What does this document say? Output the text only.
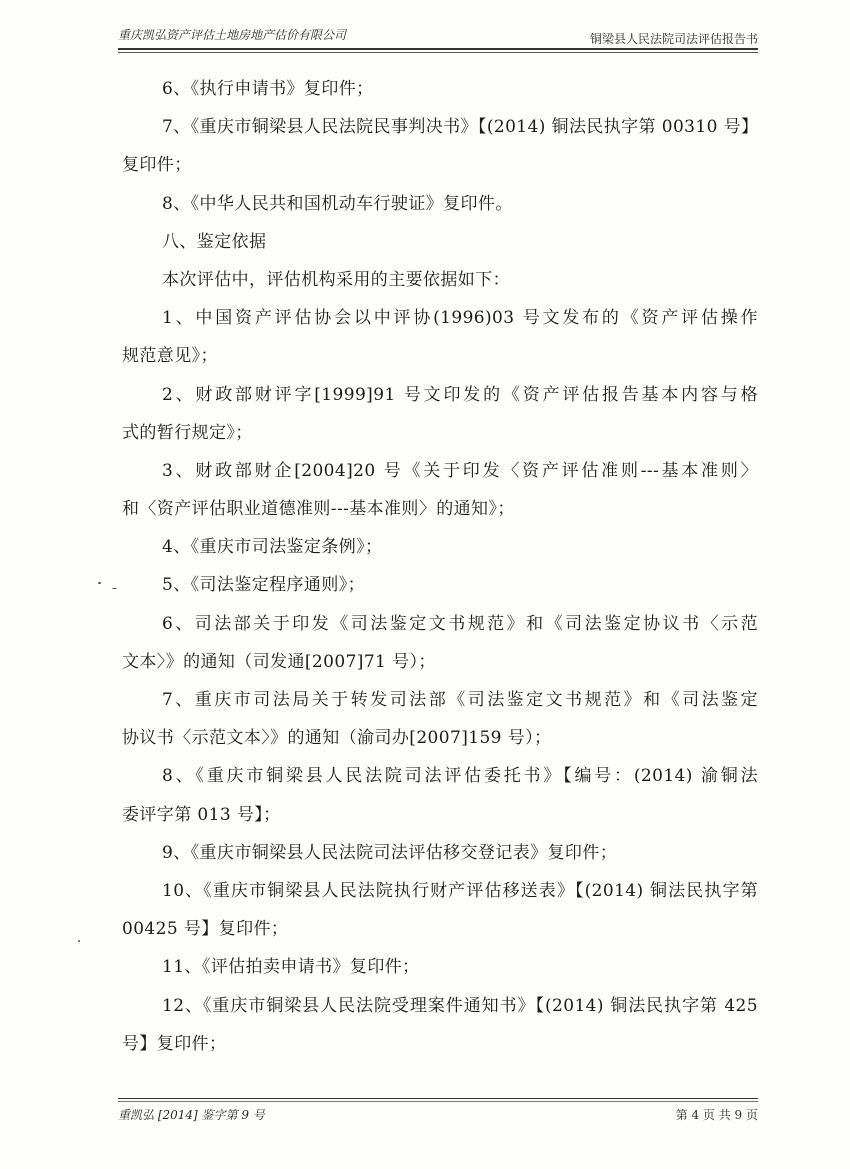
重庆凯弘资产评估土地房地产估价有限公司	铜梁县人民法院司法评估报告书
6、《执行申请书》复印件；
7、《重庆市铜梁县人民法院民事判决书》【(2014) 铜法民执字第 00310 号】
复印件；
8、《中华人民共和国机动车行驶证》复印件。
八、鉴定依据
本次评估中，评估机构采用的主要依据如下：
1、中国资产评估协会以中评协(1996)03 号文发布的《资产评估操作
规范意见》；
2、财政部财评字[1999]91 号文印发的《资产评估报告基本内容与格
式的暂行规定》；
3、财政部财企[2004]20 号《关于印发〈资产评估准则---基本准则〉
和〈资产评估职业道德准则---基本准则〉的通知》；
4、《重庆市司法鉴定条例》；
5、《司法鉴定程序通则》；
6、司法部关于印发《司法鉴定文书规范》和《司法鉴定协议书〈示范
文本〉》的通知（司发通[2007]71 号）；
7、重庆市司法局关于转发司法部《司法鉴定文书规范》和《司法鉴定
协议书〈示范文本〉》的通知（渝司办[2007]159 号）；
8、《重庆市铜梁县人民法院司法评估委托书》【编号：(2014) 渝铜法
委评字第 013 号】；
9、《重庆市铜梁县人民法院司法评估移交登记表》复印件；
10、《重庆市铜梁县人民法院执行财产评估移送表》【(2014) 铜法民执字第
00425 号】复印件；
11、《评估拍卖申请书》复印件；
12、《重庆市铜梁县人民法院受理案件通知书》【(2014) 铜法民执字第 425
号】复印件；
重凯弘 [2014] 鉴字第 9 号	第 4 页 共 9 页
